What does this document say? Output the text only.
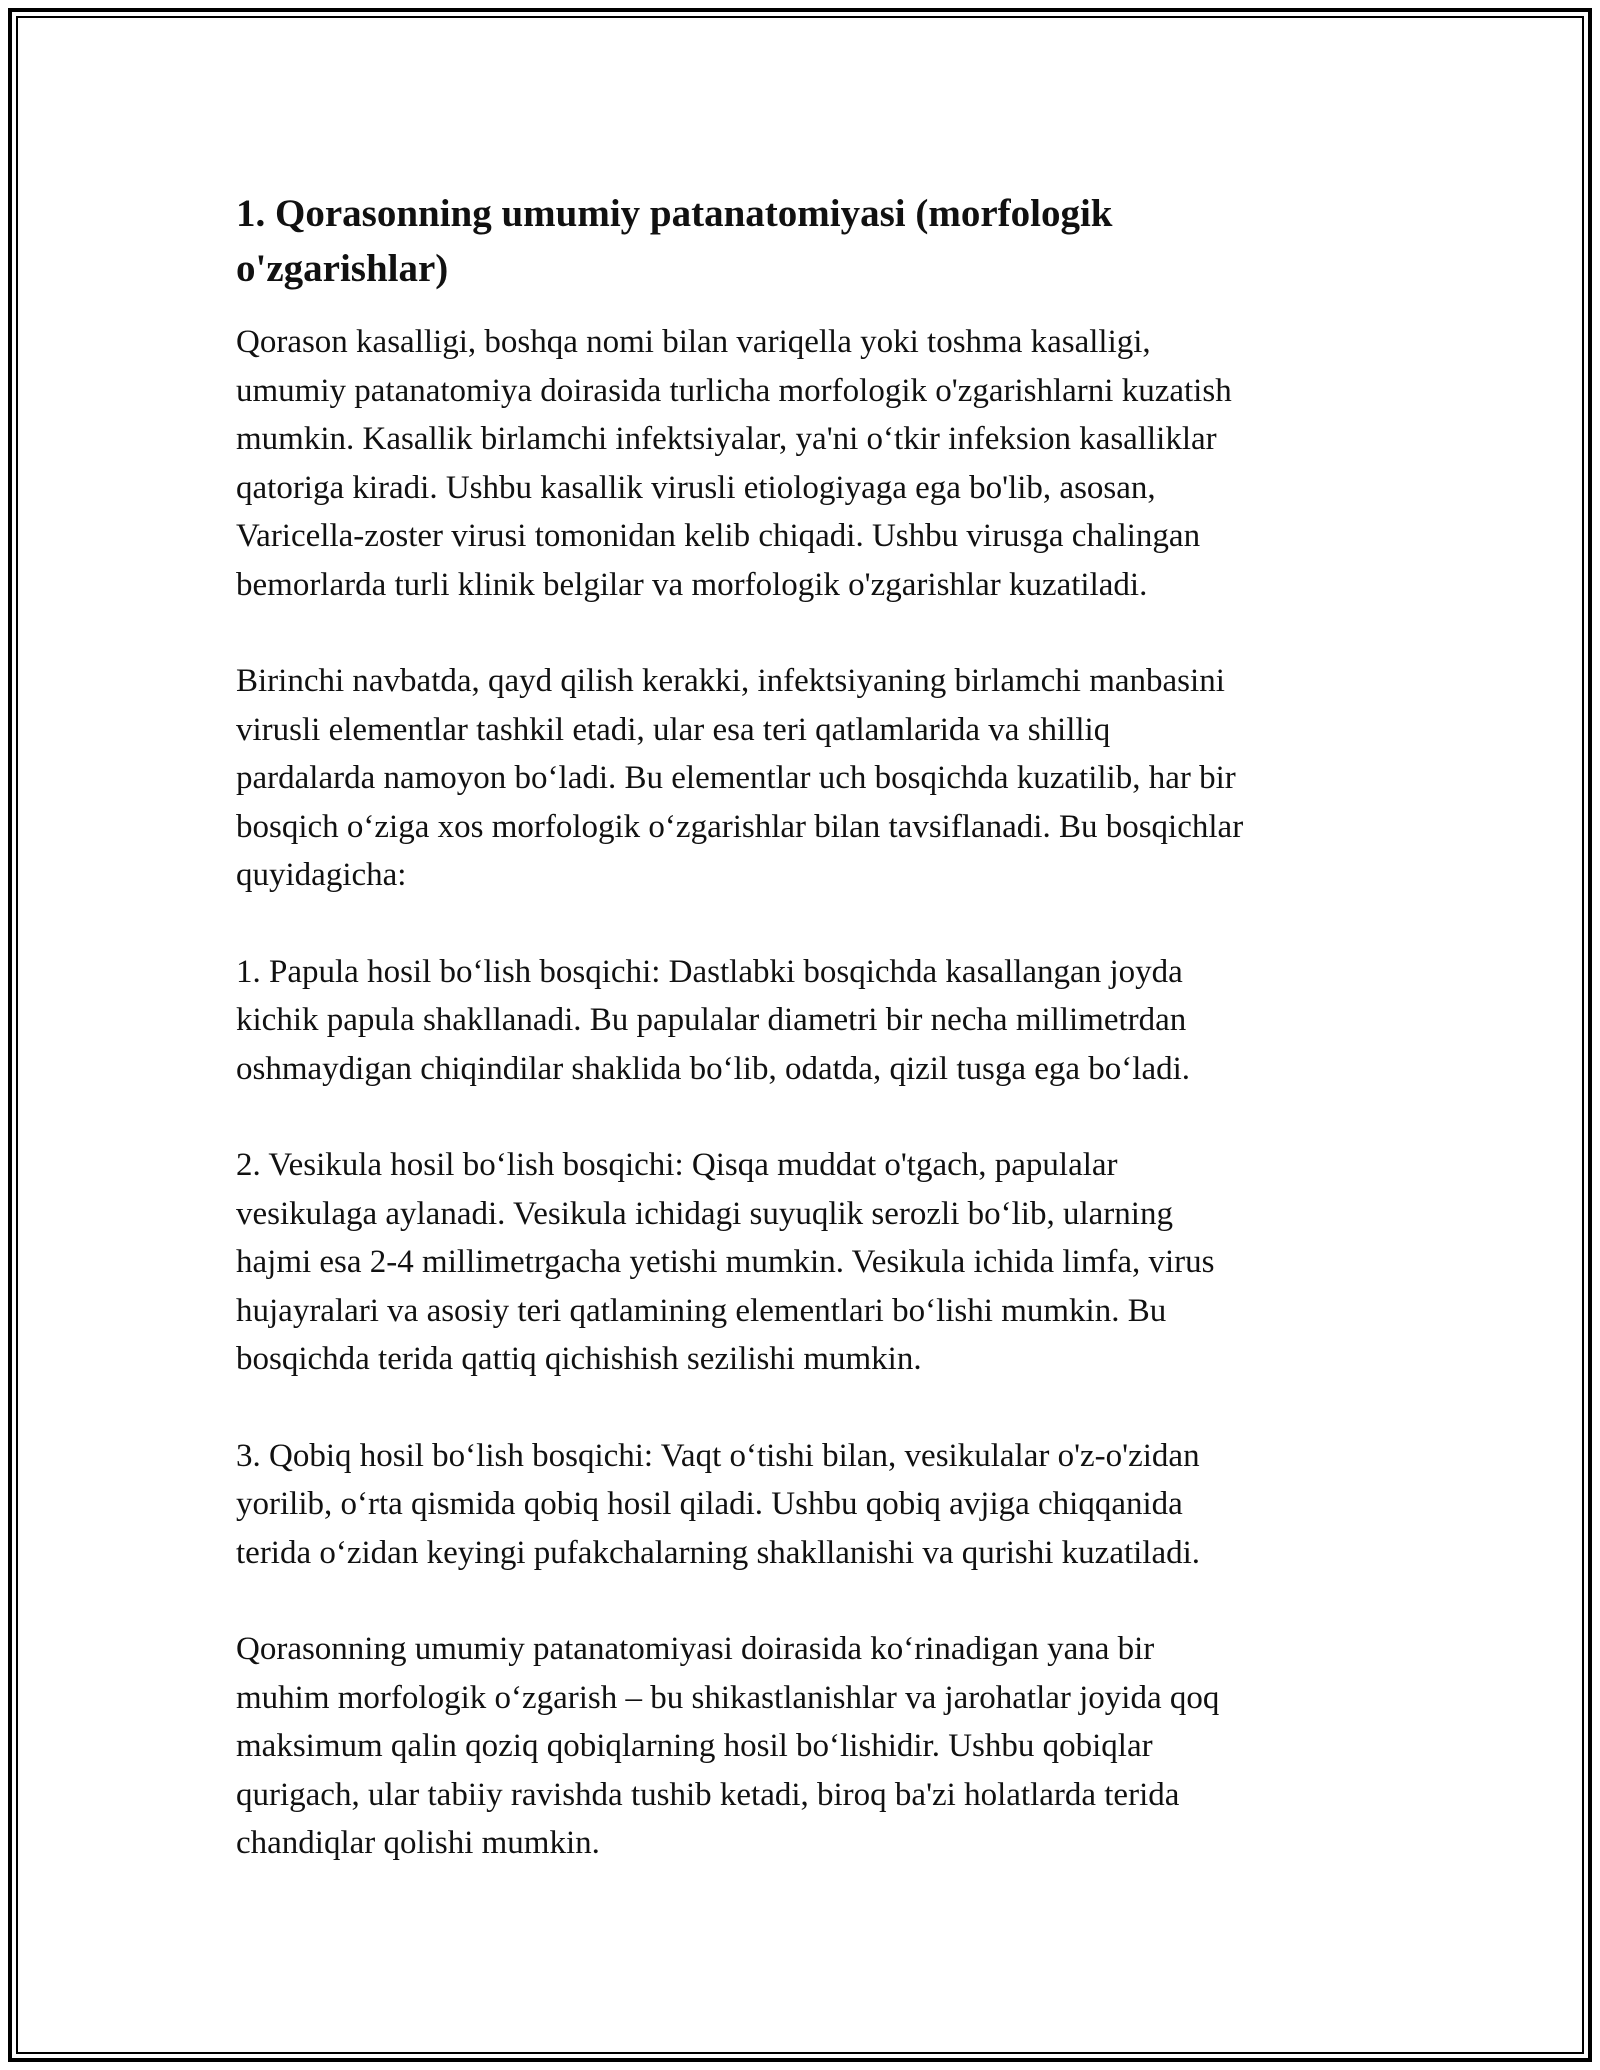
1. Qorasonning umumiy patanatomiyasi (morfologik
o'zgarishlar)

Qorason kasalligi, boshqa nomi bilan variqella yoki toshma kasalligi,
umumiy patanatomiya doirasida turlicha morfologik o'zgarishlarni kuzatish
mumkin. Kasallik birlamchi infektsiyalar, ya'ni o‘tkir infeksion kasalliklar
qatoriga kiradi. Ushbu kasallik virusli etiologiyaga ega bo'lib, asosan,
Varicella-zoster virusi tomonidan kelib chiqadi. Ushbu virusga chalingan
bemorlarda turli klinik belgilar va morfologik o'zgarishlar kuzatiladi.

Birinchi navbatda, qayd qilish kerakki, infektsiyaning birlamchi manbasini
virusli elementlar tashkil etadi, ular esa teri qatlamlarida va shilliq
pardalarda namoyon bo‘ladi. Bu elementlar uch bosqichda kuzatilib, har bir
bosqich o‘ziga xos morfologik o‘zgarishlar bilan tavsiflanadi. Bu bosqichlar
quyidagicha:

1. Papula hosil bo‘lish bosqichi: Dastlabki bosqichda kasallangan joyda
kichik papula shakllanadi. Bu papulalar diametri bir necha millimetrdan
oshmaydigan chiqindilar shaklida bo‘lib, odatda, qizil tusga ega bo‘ladi.

2. Vesikula hosil bo‘lish bosqichi: Qisqa muddat o'tgach, papulalar
vesikulaga aylanadi. Vesikula ichidagi suyuqlik serozli bo‘lib, ularning
hajmi esa 2-4 millimetrgacha yetishi mumkin. Vesikula ichida limfa, virus
hujayralari va asosiy teri qatlamining elementlari bo‘lishi mumkin. Bu
bosqichda terida qattiq qichishish sezilishi mumkin.

3. Qobiq hosil bo‘lish bosqichi: Vaqt o‘tishi bilan, vesikulalar o'z-o'zidan
yorilib, o‘rta qismida qobiq hosil qiladi. Ushbu qobiq avjiga chiqqanida
terida o‘zidan keyingi pufakchalarning shakllanishi va qurishi kuzatiladi.

Qorasonning umumiy patanatomiyasi doirasida ko‘rinadigan yana bir
muhim morfologik o‘zgarish – bu shikastlanishlar va jarohatlar joyida qoq
maksimum qalin qoziq qobiqlarning hosil bo‘lishidir. Ushbu qobiqlar
qurigach, ular tabiiy ravishda tushib ketadi, biroq ba'zi holatlarda terida
chandiqlar qolishi mumkin.
